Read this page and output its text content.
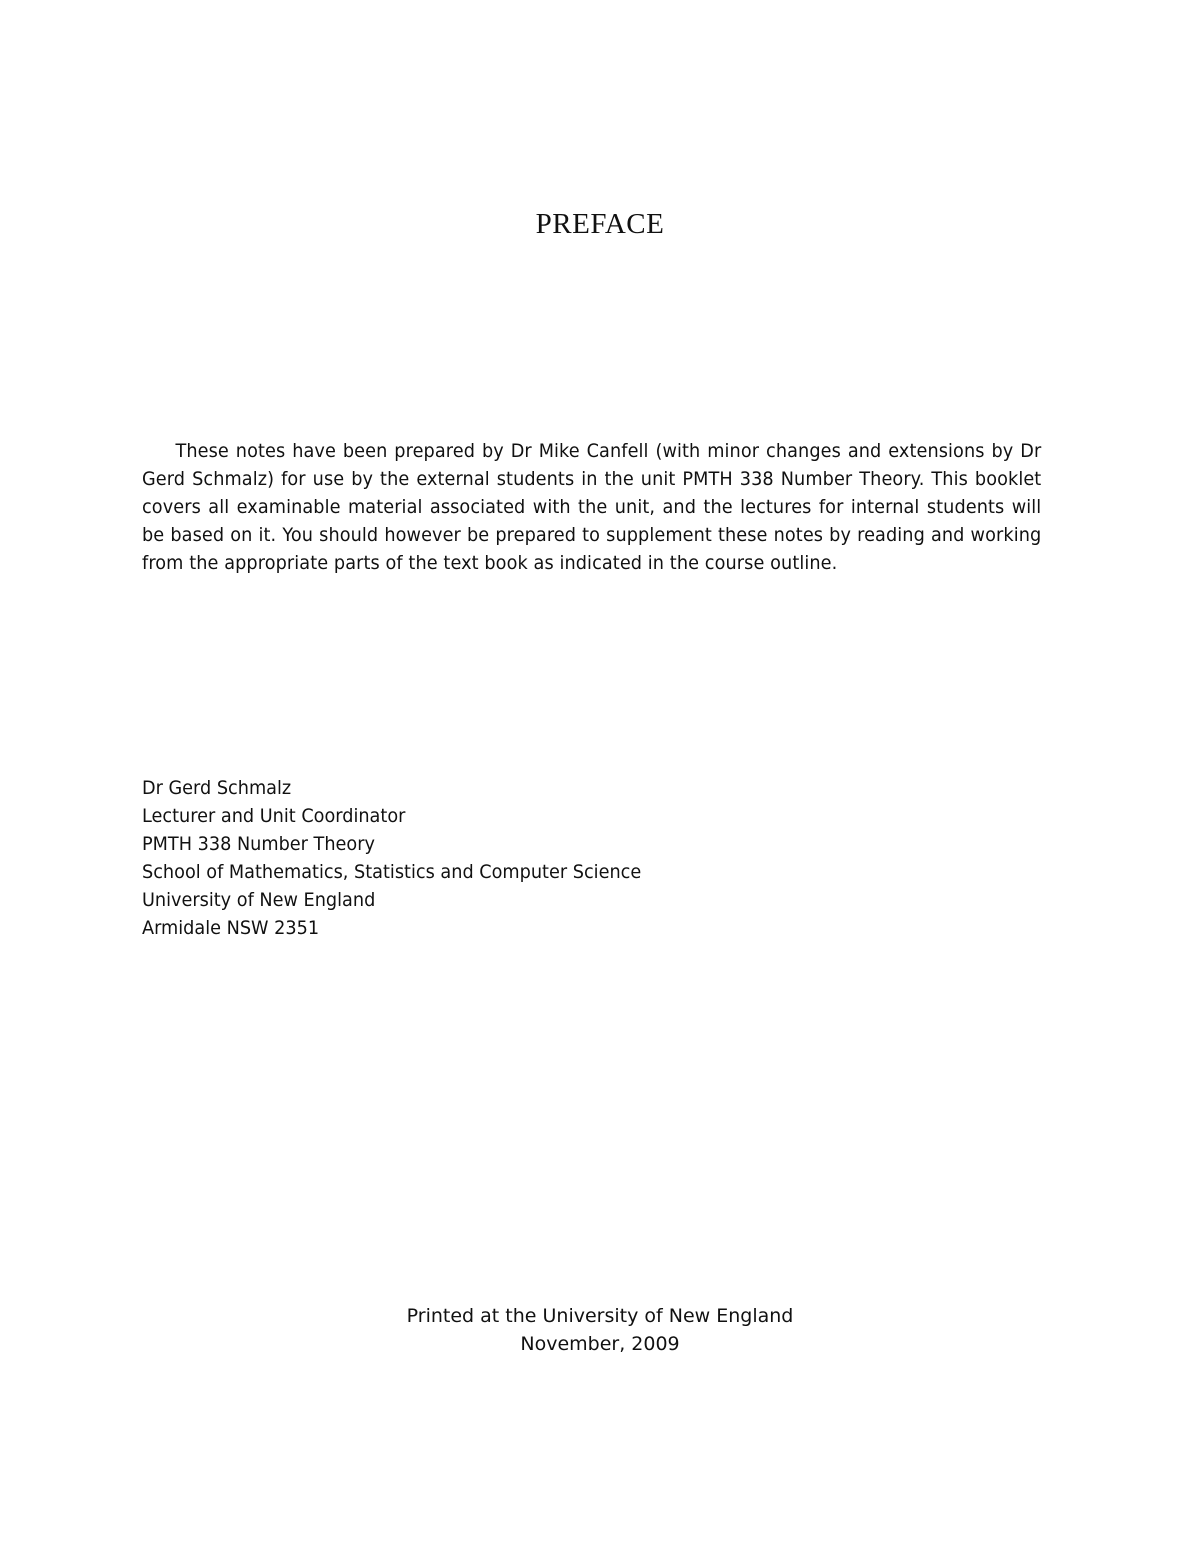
PREFACE
These notes have been prepared by Dr Mike Canfell (with minor changes and extensions by Dr Gerd Schmalz) for use by the external students in the unit PMTH 338 Number Theory. This booklet covers all examinable material associated with the unit, and the lectures for internal students will be based on it. You should however be prepared to supplement these notes by reading and working from the appropriate parts of the text book as indicated in the course outline.
Dr Gerd Schmalz
Lecturer and Unit Coordinator
PMTH 338 Number Theory
School of Mathematics, Statistics and Computer Science
University of New England
Armidale NSW 2351
Printed at the University of New England
November, 2009
